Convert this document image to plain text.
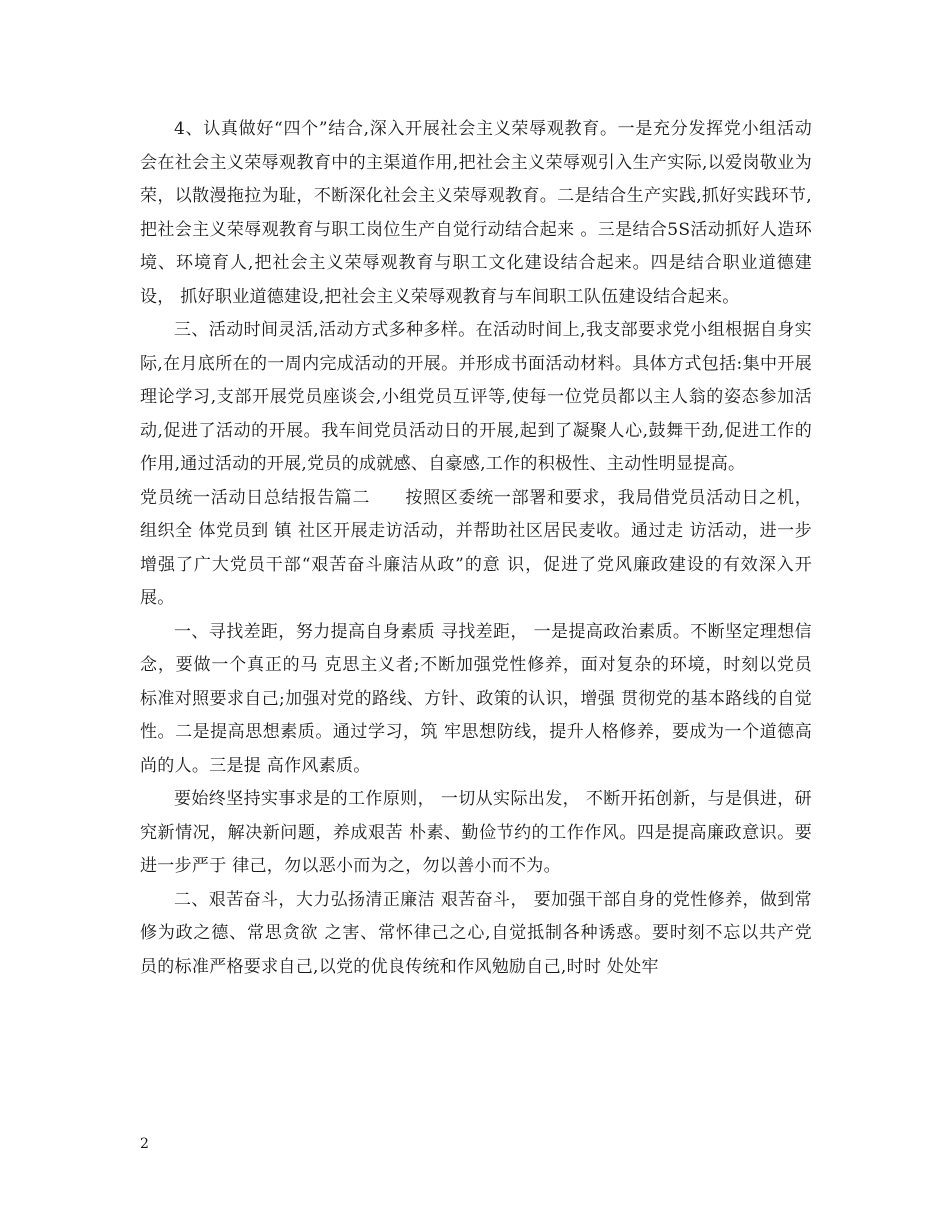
4、认真做好“四个”结合,深入开展社会主义荣辱观教育。一是充分发挥党小组活动会在社会主义荣辱观教育中的主渠道作用,把社会主义荣辱观引入生产实际,以爱岗敬业为荣，以散漫拖拉为耻，不断深化社会主义荣辱观教育。二是结合生产实践,抓好实践环节,把社会主义荣辱观教育与职工岗位生产自觉行动结合起来 。三是结合5S活动抓好人造环境、环境育人,把社会主义荣辱观教育与职工文化建设结合起来。四是结合职业道德建设， 抓好职业道德建设,把社会主义荣辱观教育与车间职工队伍建设结合起来。

三、活动时间灵活,活动方式多种多样。在活动时间上,我支部要求党小组根据自身实际,在月底所在的一周内完成活动的开展。并形成书面活动材料。具体方式包括:集中开展理论学习,支部开展党员座谈会,小组党员互评等,使每一位党员都以主人翁的姿态参加活动,促进了活动的开展。我车间党员活动日的开展,起到了凝聚人心,鼓舞干劲,促进工作的作用,通过活动的开展,党员的成就感、自豪感,工作的积极性、主动性明显提高。

党员统一活动日总结报告篇二　　按照区委统一部署和要求，我局借党员活动日之机，组织全 体党员到 镇 社区开展走访活动，并帮助社区居民麦收。通过走 访活动，进一步增强了广大党员干部“艰苦奋斗廉洁从政”的意 识，促进了党风廉政建设的有效深入开展。

一、寻找差距，努力提高自身素质 寻找差距， 一是提高政治素质。不断坚定理想信念，要做一个真正的马 克思主义者;不断加强党性修养，面对复杂的环境，时刻以党员 标准对照要求自己;加强对党的路线、方针、政策的认识，增强 贯彻党的基本路线的自觉性。二是提高思想素质。通过学习，筑 牢思想防线，提升人格修养，要成为一个道德高尚的人。三是提 高作风素质。

要始终坚持实事求是的工作原则， 一切从实际出发， 不断开拓创新，与是俱进，研究新情况，解决新问题，养成艰苦 朴素、勤俭节约的工作作风。四是提高廉政意识。要进一步严于 律己，勿以恶小而为之，勿以善小而不为。

二、艰苦奋斗，大力弘扬清正廉洁 艰苦奋斗， 要加强干部自身的党性修养，做到常修为政之德、常思贪欲 之害、常怀律己之心,自觉抵制各种诱惑。要时刻不忘以共产党 员的标准严格要求自己,以党的优良传统和作风勉励自己,时时 处处牢

2
